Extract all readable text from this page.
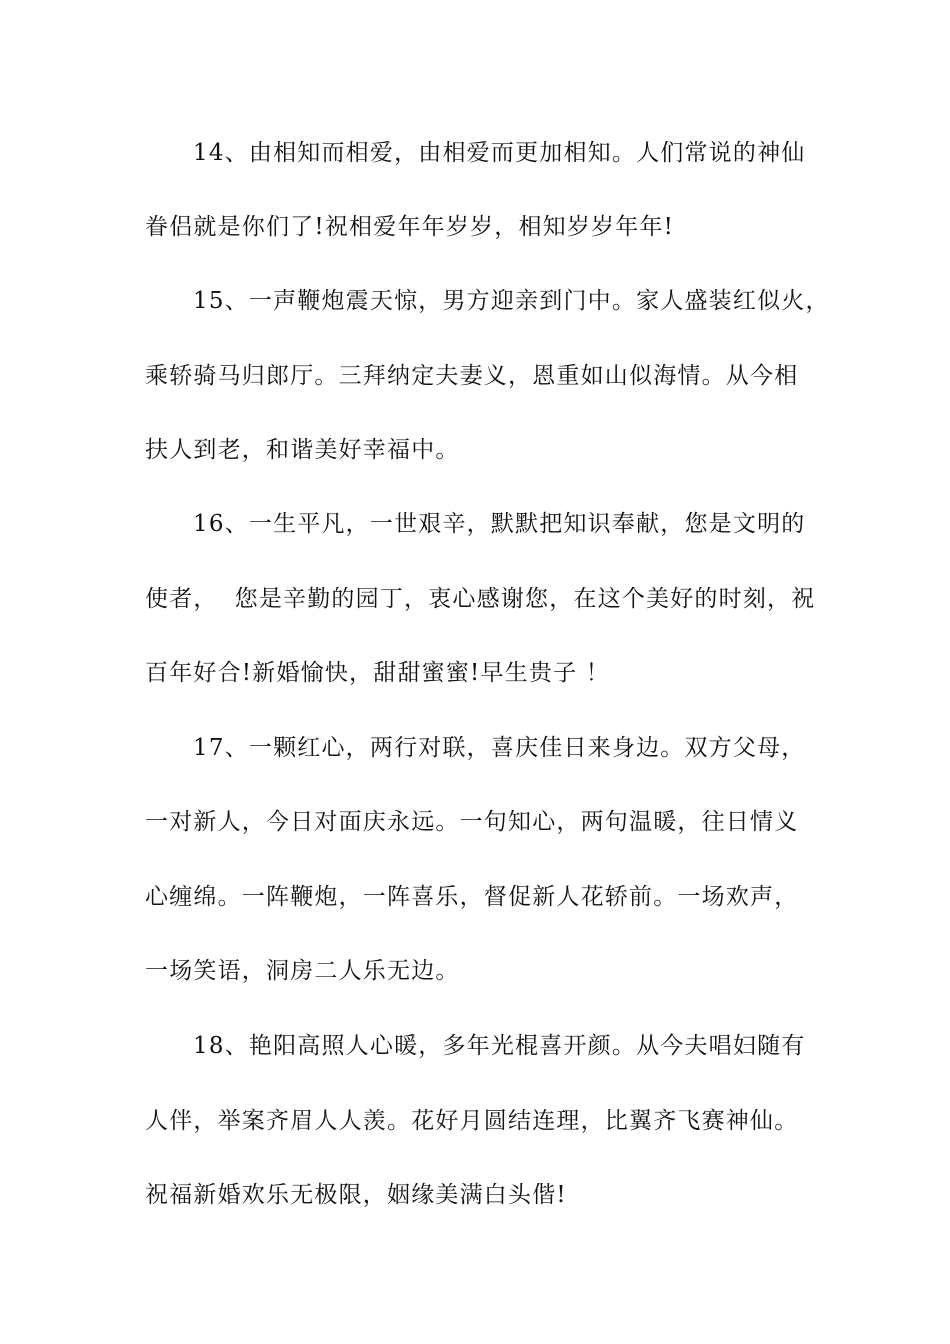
14、由相知而相爱，由相爱而更加相知。人们常说的神仙
眷侣就是你们了!祝相爱年年岁岁，相知岁岁年年!
15、一声鞭炮震天惊，男方迎亲到门中。家人盛装红似火，
乘轿骑马归郎厅。三拜纳定夫妻义，恩重如山似海情。从今相
扶人到老，和谐美好幸福中。
16、一生平凡，一世艰辛，默默把知识奉献，您是文明的
使者，  您是辛勤的园丁，衷心感谢您，在这个美好的时刻，祝
百年好合!新婚愉快，甜甜蜜蜜!早生贵子 ！
17、一颗红心，两行对联，喜庆佳日来身边。双方父母，
一对新人，今日对面庆永远。一句知心，两句温暖，往日情义
心缠绵。一阵鞭炮，一阵喜乐，督促新人花轿前。一场欢声，
一场笑语，洞房二人乐无边。
18、艳阳高照人心暖，多年光棍喜开颜。从今夫唱妇随有
人伴，举案齐眉人人羡。花好月圆结连理，比翼齐飞赛神仙。
祝福新婚欢乐无极限，姻缘美满白头偕!
